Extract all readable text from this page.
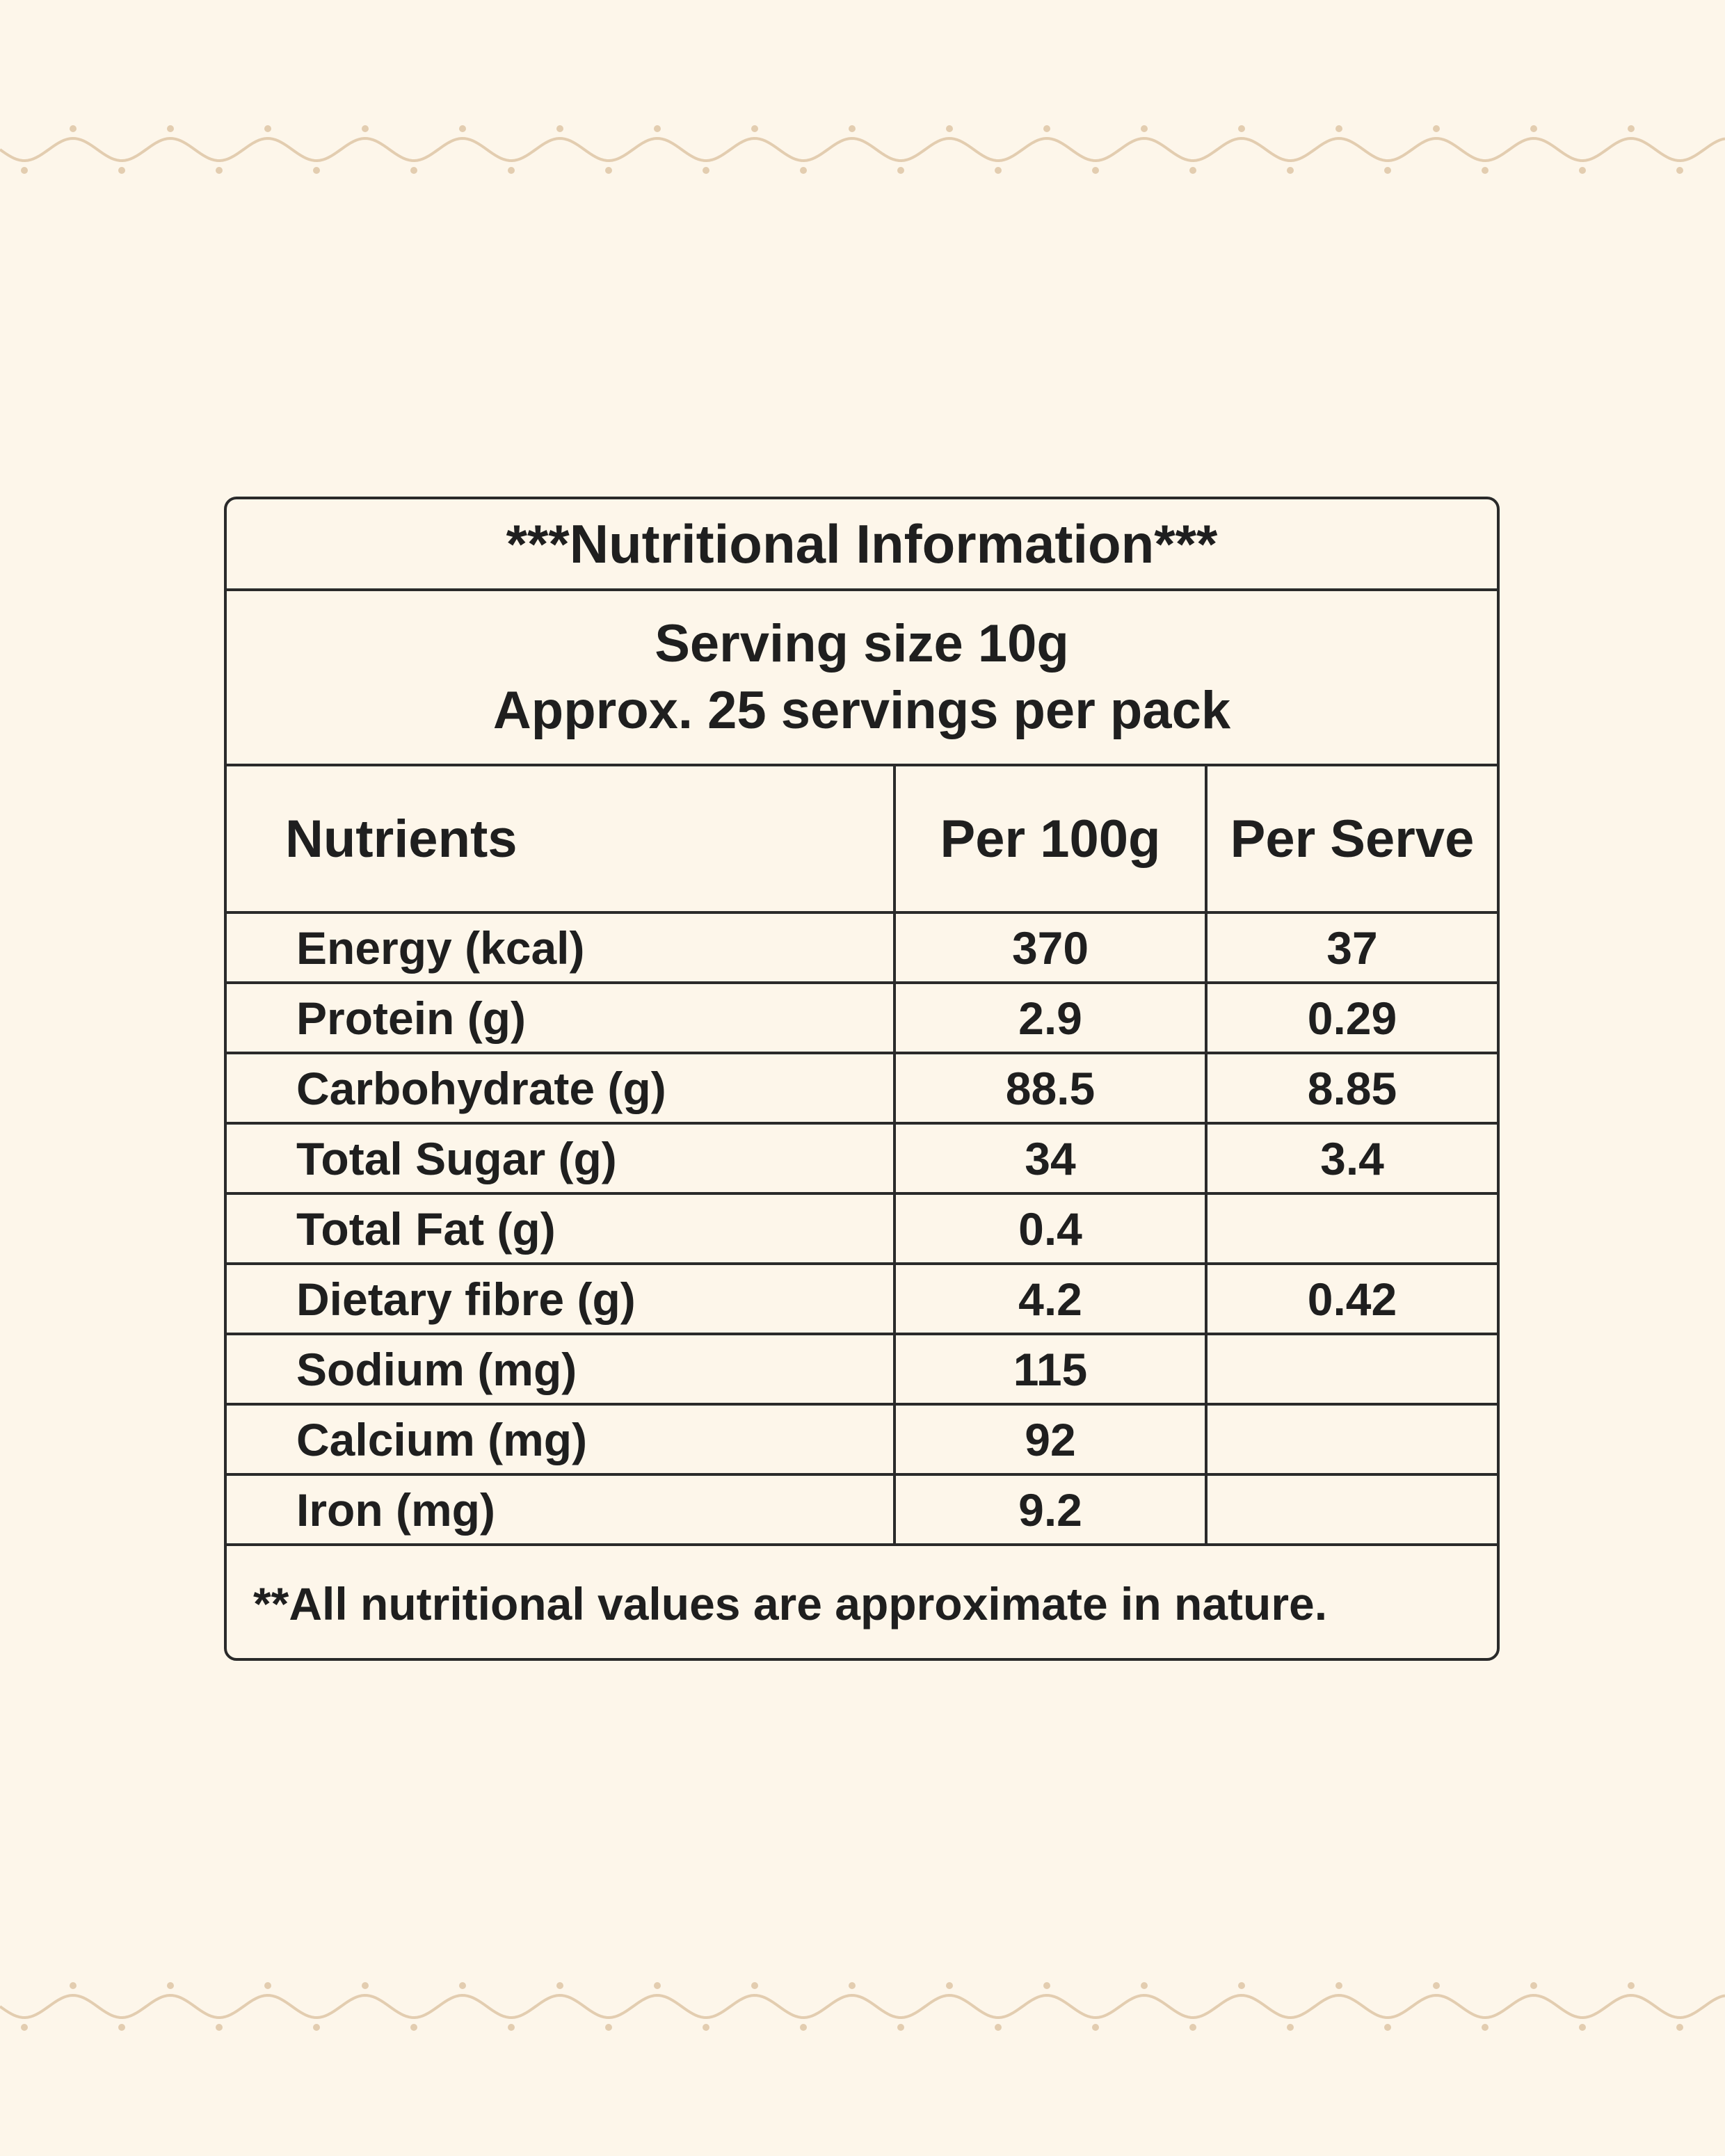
***Nutritional Information***
Serving size 10g
Approx. 25 servings per pack
Nutrients	Per 100g	Per Serve
Energy (kcal)	370	37
Protein (g)	2.9	0.29
Carbohydrate (g)	88.5	8.85
Total Sugar (g)	34	3.4
Total Fat (g)	0.4	
Dietary fibre (g)	4.2	0.42
Sodium (mg)	115	
Calcium (mg)	92	
Iron (mg)	9.2	
**All nutritional values are approximate in nature.
